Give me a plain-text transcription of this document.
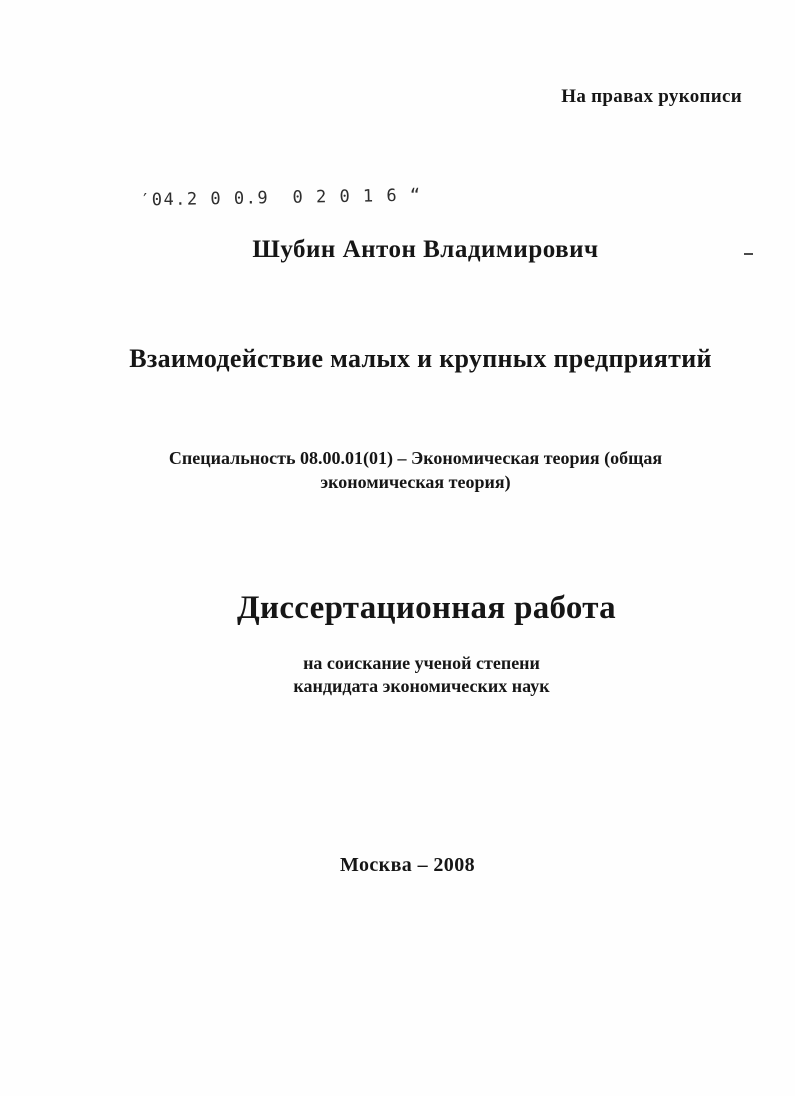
На правах рукописи
′04.2 0 0.9  0 2 0 1 6 “
Шубин Антон Владимирович
Взаимодействие малых и крупных предприятий
Специальность 08.00.01(01) – Экономическая теория (общая
экономическая теория)
Диссертационная работа
на соискание ученой степени
кандидата экономических наук
Москва – 2008
